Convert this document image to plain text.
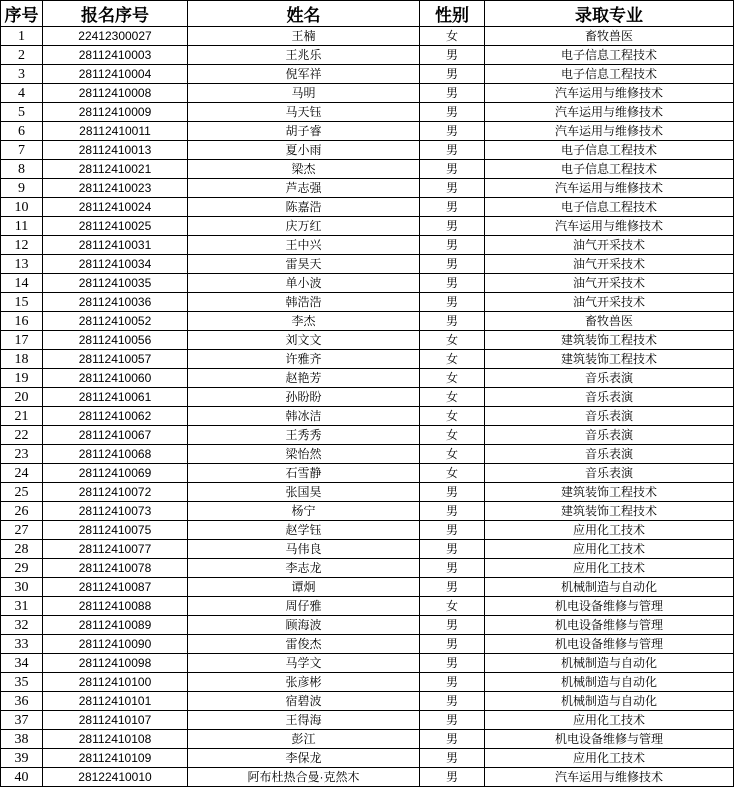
序号	报名序号	姓名	性别	录取专业
1	22412300027	王楠	女	畜牧兽医
2	28112410003	王兆乐	男	电子信息工程技术
3	28112410004	倪军祥	男	电子信息工程技术
4	28112410008	马明	男	汽车运用与维修技术
5	28112410009	马天钰	男	汽车运用与维修技术
6	28112410011	胡子睿	男	汽车运用与维修技术
7	28112410013	夏小雨	男	电子信息工程技术
8	28112410021	梁杰	男	电子信息工程技术
9	28112410023	芦志强	男	汽车运用与维修技术
10	28112410024	陈嘉浩	男	电子信息工程技术
11	28112410025	庆万红	男	汽车运用与维修技术
12	28112410031	王中兴	男	油气开采技术
13	28112410034	雷昊天	男	油气开采技术
14	28112410035	单小波	男	油气开采技术
15	28112410036	韩浩浩	男	油气开采技术
16	28112410052	李杰	男	畜牧兽医
17	28112410056	刘文文	女	建筑装饰工程技术
18	28112410057	许雅齐	女	建筑装饰工程技术
19	28112410060	赵艳芳	女	音乐表演
20	28112410061	孙盼盼	女	音乐表演
21	28112410062	韩冰洁	女	音乐表演
22	28112410067	王秀秀	女	音乐表演
23	28112410068	梁怡然	女	音乐表演
24	28112410069	石雪静	女	音乐表演
25	28112410072	张国昊	男	建筑装饰工程技术
26	28112410073	杨宁	男	建筑装饰工程技术
27	28112410075	赵学钰	男	应用化工技术
28	28112410077	马伟良	男	应用化工技术
29	28112410078	李志龙	男	应用化工技术
30	28112410087	谭炯	男	机械制造与自动化
31	28112410088	周仔雅	女	机电设备维修与管理
32	28112410089	顾海波	男	机电设备维修与管理
33	28112410090	雷俊杰	男	机电设备维修与管理
34	28112410098	马学文	男	机械制造与自动化
35	28112410100	张彦彬	男	机械制造与自动化
36	28112410101	宿碧波	男	机械制造与自动化
37	28112410107	王得海	男	应用化工技术
38	28112410108	彭江	男	机电设备维修与管理
39	28112410109	李保龙	男	应用化工技术
40	28122410010	阿布杜热合曼·克然木	男	汽车运用与维修技术
